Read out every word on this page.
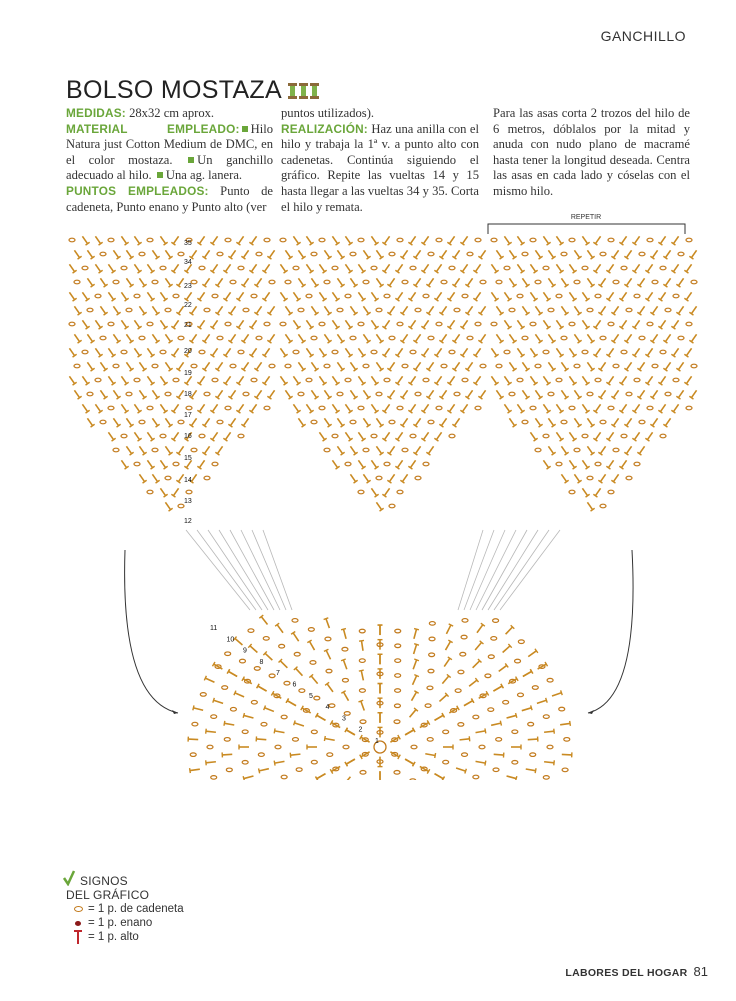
GANCHILLO
BOLSO MOSTAZA

MEDIDAS: 28x32 cm aprox.
MATERIAL EMPLEADO: Hilo Natura just Cotton Medium de DMC, en el color mostaza. Un ganchillo adecuado al hilo. Una ag. lanera.
PUNTOS EMPLEADOS: Punto de cadeneta, Punto enano y Punto alto (ver

puntos utilizados).
REALIZACIÓN: Haz una anilla con el hilo y trabaja la 1ª v. a punto alto con cadenetas. Continúa siguiendo el gráfico. Repite las vueltas 14 y 15 hasta llegar a las vueltas 34 y 35. Corta el hilo y remata.

Para las asas corta 2 trozos del hilo de 6 metros, dóblalos por la mitad y anuda con nudo plano de macramé hasta tener la longitud deseada. Centra las asas en cada lado y cóselas con el mismo hilo.

REPETIR
35
34
23
22
21
20
19
18
17
16
15
14
13
12
11
10
9
8
7
6
5
4
3
2
1
SIGNOS
DEL GRÁFICO
= 1 p. de cadeneta
= 1 p. enano
= 1 p. alto
LABORES DEL HOGAR 81
